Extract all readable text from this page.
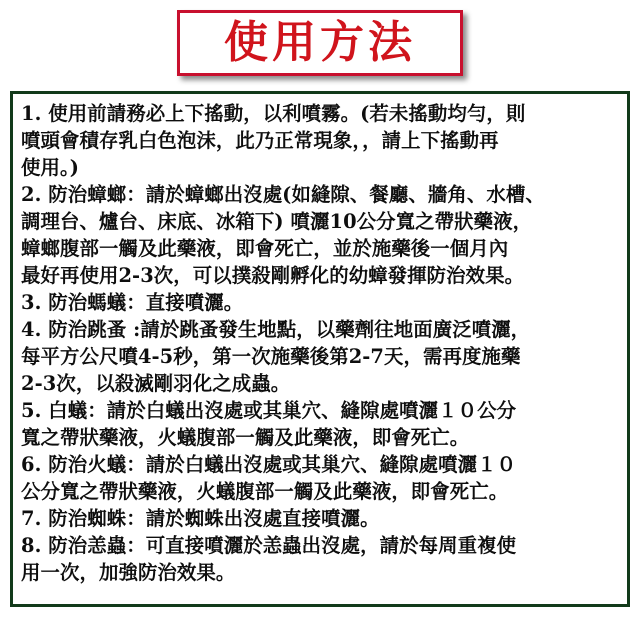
使用方法
1. 使用前請務必上下搖動，以利噴霧。(若未搖動均勻，則
噴頭會積存乳白色泡沫，此乃正常現象，，請上下搖動再
使用。)
2. 防治蟑螂：請於蟑螂出沒處(如縫隙、餐廳、牆角、水槽、
調理台、爐台、床底、冰箱下) 噴灑10公分寬之帶狀藥液，
蟑螂腹部一觸及此藥液，即會死亡，並於施藥後一個月內
最好再使用2-3次，可以撲殺剛孵化的幼蟑發揮防治效果。
3. 防治螞蟻：直接噴灑。
4. 防治跳蚤 :請於跳蚤發生地點，以藥劑往地面廣泛噴灑，
每平方公尺噴4-5秒，第一次施藥後第2-7天，需再度施藥
2-3次，以殺滅剛羽化之成蟲。
5. 白蟻：請於白蟻出沒處或其巢穴、縫隙處噴灑１０公分
寬之帶狀藥液，火蟻腹部一觸及此藥液，即會死亡。
6. 防治火蟻：請於白蟻出沒處或其巢穴、縫隙處噴灑１０
公分寬之帶狀藥液，火蟻腹部一觸及此藥液，即會死亡。
7. 防治蜘蛛：請於蜘蛛出沒處直接噴灑。
8. 防治恙蟲：可直接噴灑於恙蟲出沒處，請於每周重複使
用一次，加強防治效果。
